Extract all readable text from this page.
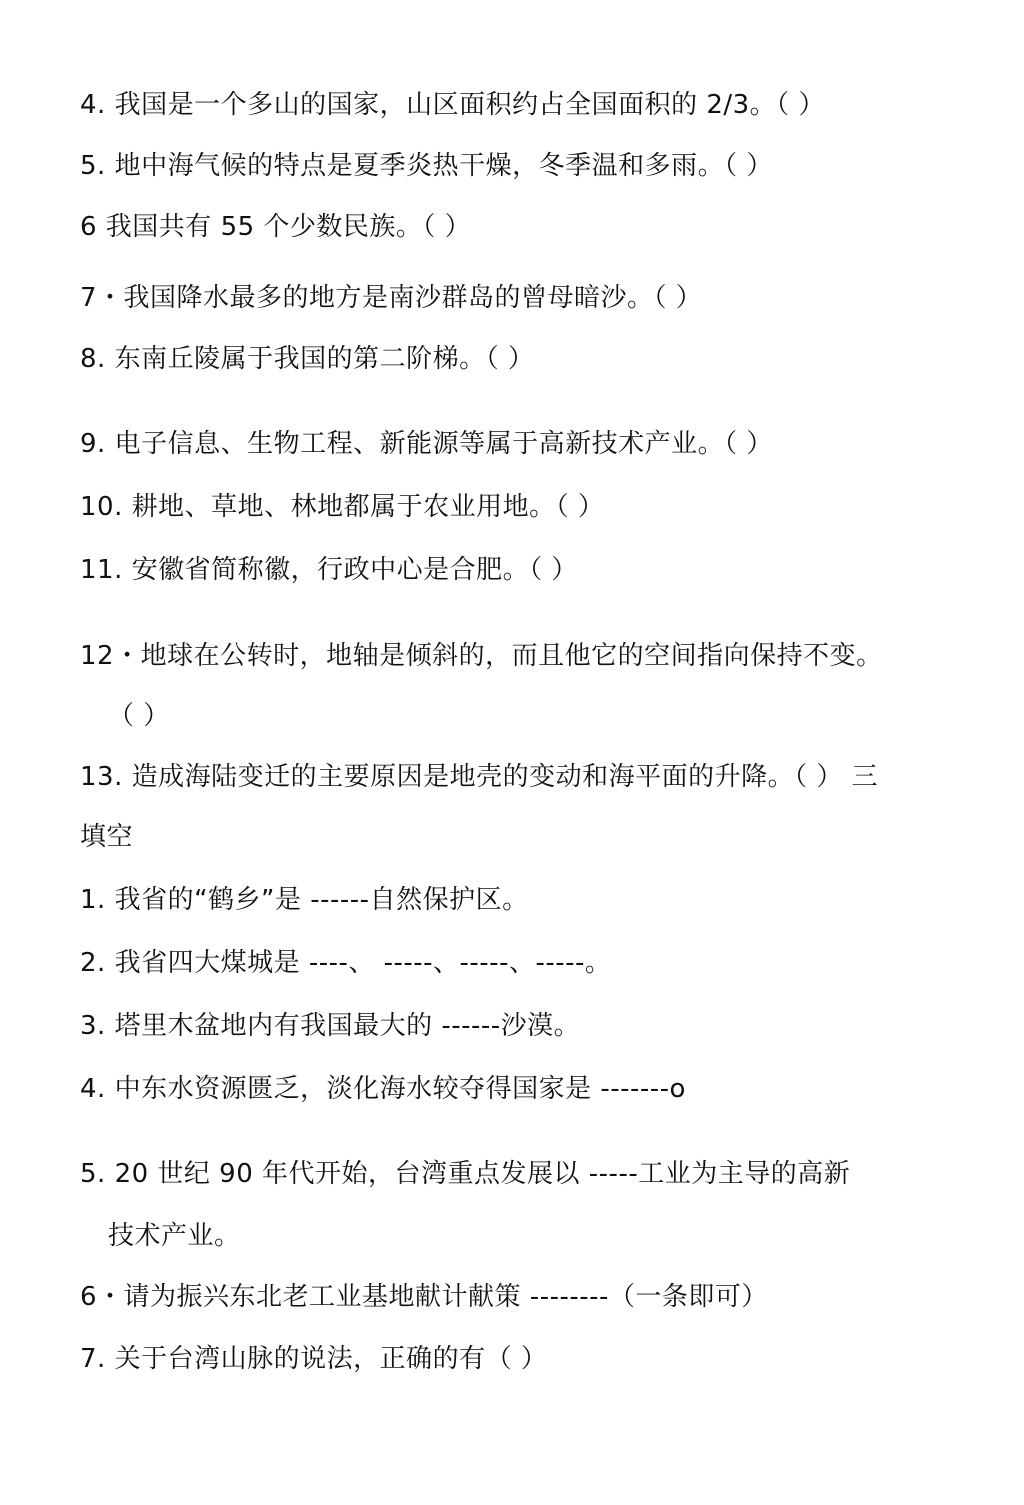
4. 我国是一个多山的国家，山区面积约占全国面积的 2/3。（ ）
5. 地中海气候的特点是夏季炎热干燥，冬季温和多雨。（ ）
6 我国共有 55 个少数民族。（ ）
7・我国降水最多的地方是南沙群岛的曾母暗沙。（ ）
8. 东南丘陵属于我国的第二阶梯。（ ）
9. 电子信息、生物工程、新能源等属于高新技术产业。（ ）
10. 耕地、草地、林地都属于农业用地。（ ）
11. 安徽省简称徽，行政中心是合肥。（ ）
12・地球在公转时，地轴是倾斜的，而且他它的空间指向保持不变。
（ ）
13. 造成海陆变迁的主要原因是地壳的变动和海平面的升降。（ ） 三
填空
1. 我省的“鹤乡”是 ------自然保护区。
2. 我省四大煤城是 ----、 -----、-----、-----。
3. 塔里木盆地内有我国最大的 ------沙漠。
4. 中东水资源匮乏，淡化海水较夺得国家是 -------o
5. 20 世纪 90 年代开始，台湾重点发展以 -----工业为主导的高新
技术产业。
6・请为振兴东北老工业基地献计献策 --------（一条即可）
7. 关于台湾山脉的说法，正确的有（ ）
